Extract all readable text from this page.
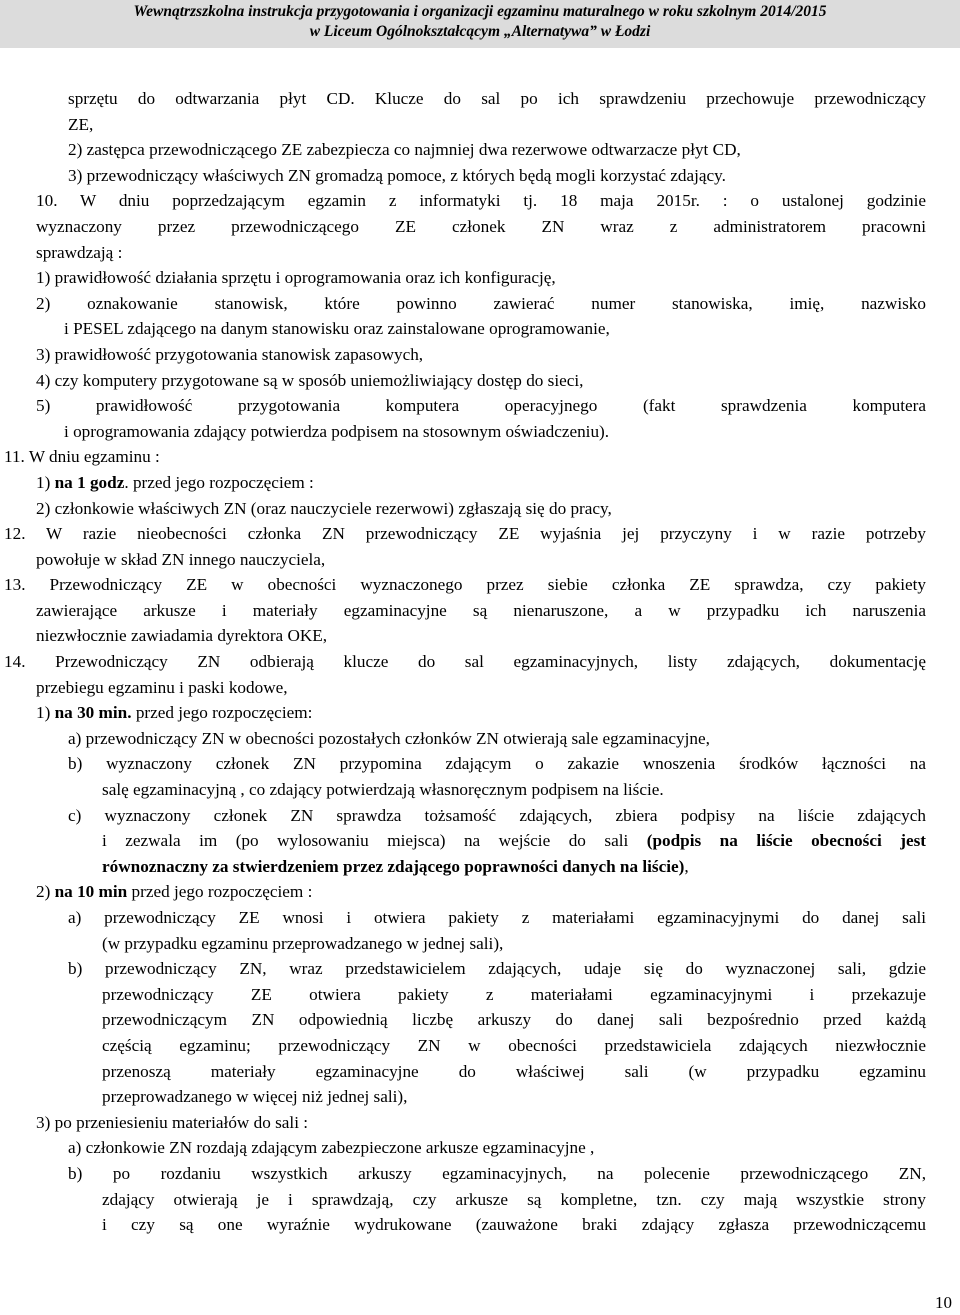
Wewnątrzszkolna instrukcja przygotowania i organizacji egzaminu maturalnego w roku szkolnym 2014/2015
w Liceum Ogólnokształcącym „Alternatywa” w Łodzi
sprzętu do odtwarzania płyt CD. Klucze do sal po ich sprawdzeniu przechowuje przewodniczący
ZE,
2) zastępca przewodniczącego ZE zabezpiecza co najmniej dwa rezerwowe odtwarzacze płyt CD,
3) przewodniczący właściwych ZN gromadzą pomoce, z których będą mogli korzystać zdający.
10. W dniu poprzedzającym egzamin z informatyki tj. 18 maja 2015r. : o ustalonej godzinie
wyznaczony przez przewodniczącego ZE członek ZN wraz z administratorem pracowni
sprawdzają :
1) prawidłowość działania sprzętu i oprogramowania oraz ich konfigurację,
2) oznakowanie stanowisk, które powinno zawierać numer stanowiska, imię, nazwisko
i PESEL zdającego na danym stanowisku oraz zainstalowane oprogramowanie,
3) prawidłowość przygotowania stanowisk zapasowych,
4) czy komputery przygotowane są w sposób uniemożliwiający dostęp do sieci,
5) prawidłowość przygotowania komputera operacyjnego (fakt sprawdzenia komputera
i oprogramowania zdający potwierdza podpisem na stosownym oświadczeniu).
11. W dniu egzaminu :
1) na 1 godz. przed jego rozpoczęciem :
2) członkowie właściwych ZN (oraz nauczyciele rezerwowi) zgłaszają się do pracy,
12. W razie nieobecności członka ZN przewodniczący ZE wyjaśnia jej przyczyny i w razie potrzeby
powołuje w skład ZN innego nauczyciela,
13. Przewodniczący ZE w obecności wyznaczonego przez siebie członka ZE sprawdza, czy pakiety
zawierające arkusze i materiały egzaminacyjne są nienaruszone, a w przypadku ich naruszenia
niezwłocznie zawiadamia dyrektora OKE,
14. Przewodniczący ZN odbierają klucze do sal egzaminacyjnych, listy zdających, dokumentację
przebiegu egzaminu i paski kodowe,
1) na 30 min. przed jego rozpoczęciem:
a) przewodniczący ZN w obecności pozostałych członków ZN otwierają sale egzaminacyjne,
b) wyznaczony członek ZN przypomina zdającym o zakazie wnoszenia środków łączności na
salę egzaminacyjną , co zdający potwierdzają własnoręcznym podpisem na liście.
c) wyznaczony członek ZN sprawdza tożsamość zdających, zbiera podpisy na liście zdających
i zezwala im (po wylosowaniu miejsca) na wejście do sali (podpis na liście obecności jest
równoznaczny za stwierdzeniem przez zdającego poprawności danych na liście),
2) na 10 min przed jego rozpoczęciem :
a) przewodniczący ZE wnosi i otwiera pakiety z materiałami egzaminacyjnymi do danej sali
(w przypadku egzaminu przeprowadzanego w jednej sali),
b) przewodniczący ZN, wraz przedstawicielem zdających, udaje się do wyznaczonej sali, gdzie
przewodniczący ZE otwiera pakiety z materiałami egzaminacyjnymi i przekazuje
przewodniczącym ZN odpowiednią liczbę arkuszy do danej sali bezpośrednio przed każdą
częścią egzaminu; przewodniczący ZN w obecności przedstawiciela zdających niezwłocznie
przenoszą materiały egzaminacyjne do właściwej sali (w przypadku egzaminu
przeprowadzanego w więcej niż jednej sali),
3) po przeniesieniu materiałów do sali :
a) członkowie ZN rozdają zdającym zabezpieczone arkusze egzaminacyjne ,
b) po rozdaniu wszystkich arkuszy egzaminacyjnych, na polecenie przewodniczącego ZN,
zdający otwierają je i sprawdzają, czy arkusze są kompletne, tzn. czy mają wszystkie strony
i czy są one wyraźnie wydrukowane (zauważone braki zdający zgłasza przewodniczącemu
10
